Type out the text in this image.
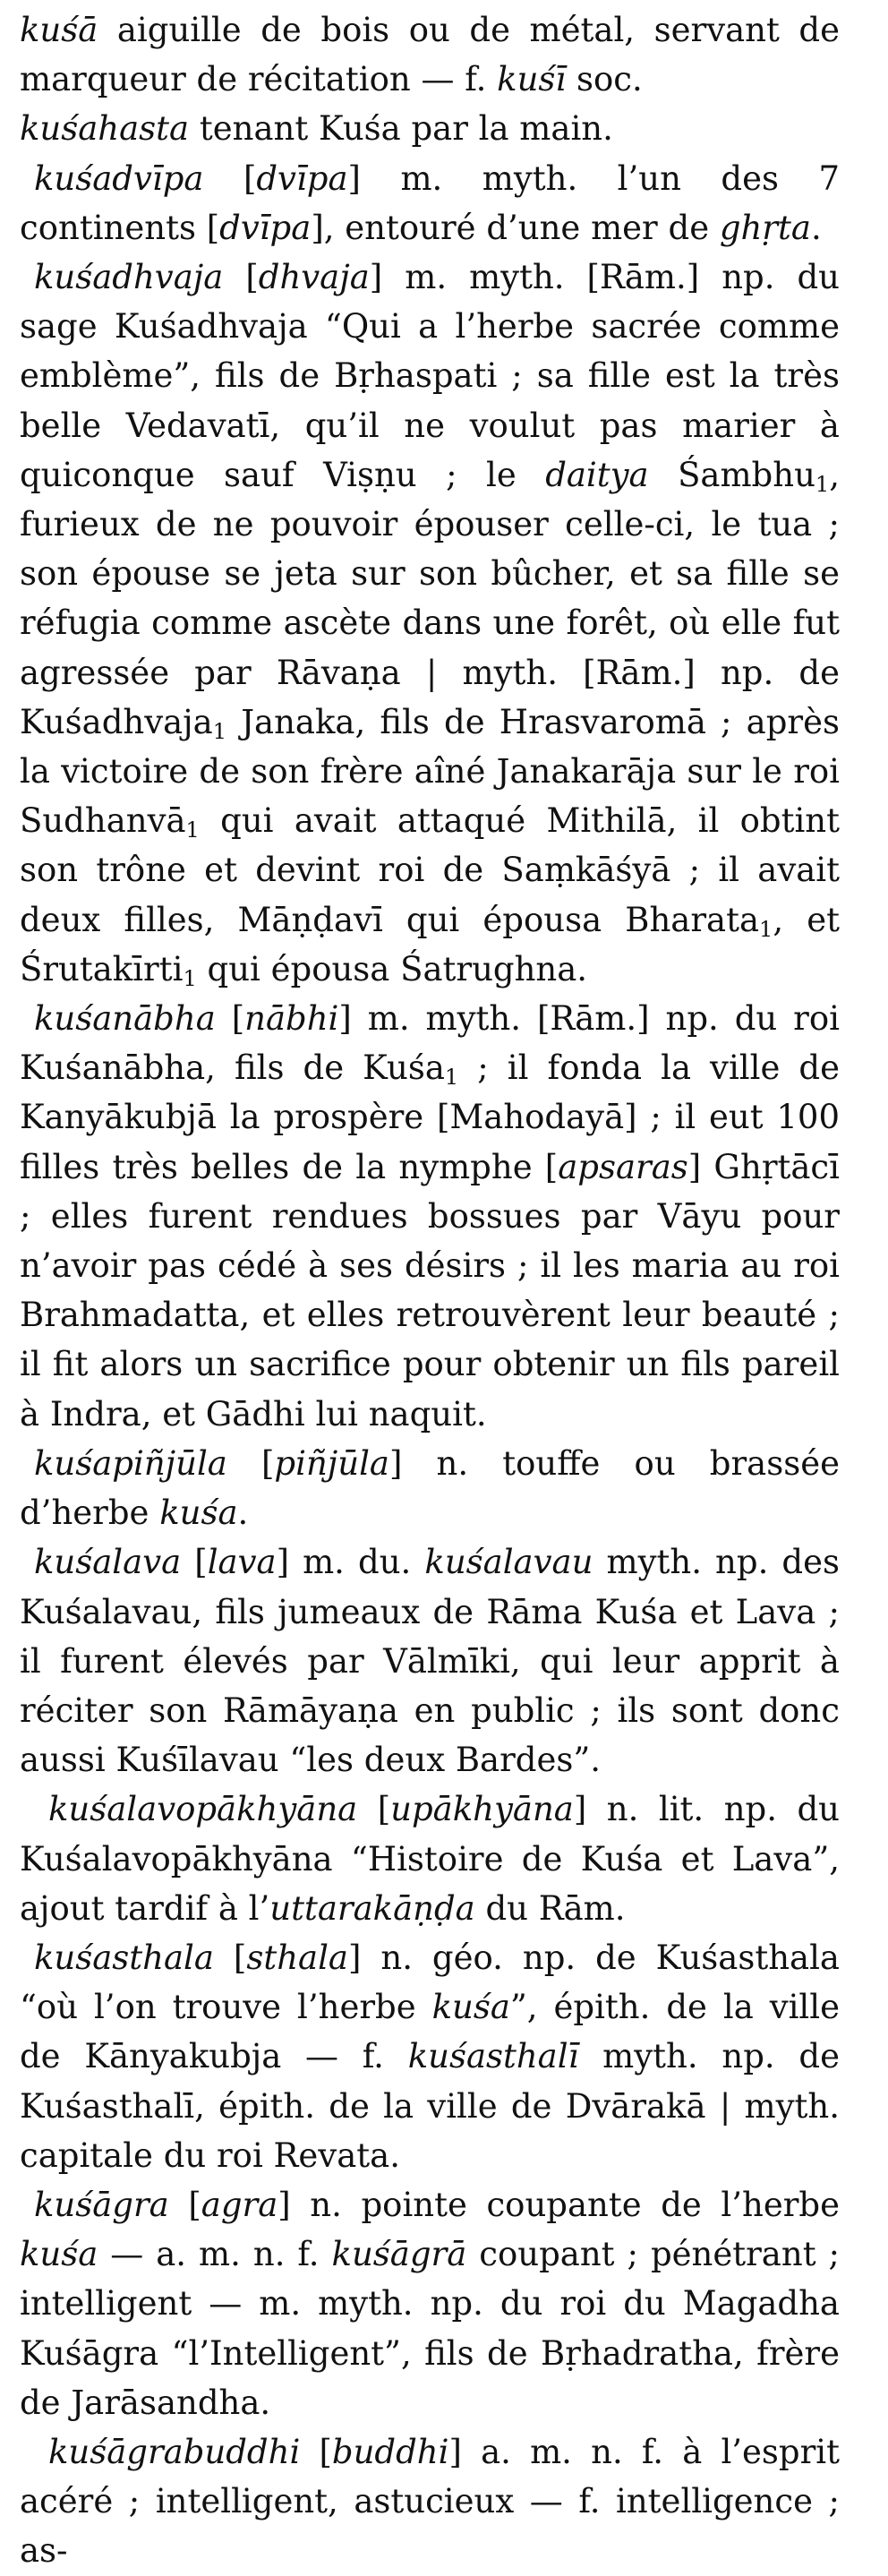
kuśā aiguille de bois ou de métal, servant de marqueur de récitation — f. kuśī soc.

kuśahasta tenant Kuśa par la main.

kuśadvīpa [dvīpa] m. myth. l’un des 7 continents [dvīpa], entouré d’une mer de ghṛta.

kuśadhvaja [dhvaja] m. myth. [Rām.] np. du sage Kuśadhvaja “Qui a l’herbe sacrée comme emblème”, fils de Bṛhaspati ; sa fille est la très belle Vedavatī, qu’il ne voulut pas marier à quiconque sauf Viṣṇu ; le daitya Śambhu$_1$, furieux de ne pouvoir épouser celle-ci, le tua ; son épouse se jeta sur son bûcher, et sa fille se réfugia comme ascète dans une forêt, où elle fut agressée par Rāvaṇa | myth. [Rām.] np. de Kuśadhvaja$_1$ Janaka, fils de Hrasvaromā ; après la victoire de son frère aîné Janakarāja sur le roi Sudhanvā$_1$ qui avait attaqué Mithilā, il obtint son trône et devint roi de Saṃkāśyā ; il avait deux filles, Māṇḍavī qui épousa Bharata$_1$, et Śrutakīrti$_1$ qui épousa Śatrughna.

kuśanābha [nābhi] m. myth. [Rām.] np. du roi Kuśanābha, fils de Kuśa$_1$ ; il fonda la ville de Kanyākubjā la prospère [Mahodayā] ; il eut 100 filles très belles de la nymphe [apsaras] Ghṛtācī ; elles furent rendues bossues par Vāyu pour n’avoir pas cédé à ses désirs ; il les maria au roi Brahmadatta, et elles retrouvèrent leur beauté ; il fit alors un sacrifice pour obtenir un fils pareil à Indra, et Gādhi lui naquit.

kuśapiñjūla [piñjūla] n. touffe ou brassée d’herbe kuśa.

kuśalava [lava] m. du. kuśalavau myth. np. des Kuśalavau, fils jumeaux de Rāma Kuśa et Lava ; il furent élevés par Vālmīki, qui leur apprit à réciter son Rāmāyaṇa en public ; ils sont donc aussi Kuśīlavau “les deux Bardes”.

kuśalavopākhyāna [upākhyāna] n. lit. np. du Kuśalavopākhyāna “Histoire de Kuśa et Lava”, ajout tardif à l’uttarakāṇḍa du Rām.

kuśasthala [sthala] n. géo. np. de Kuśasthala “où l’on trouve l’herbe kuśa”, épith. de la ville de Kānyakubja — f. kuśasthalī myth. np. de Kuśasthalī, épith. de la ville de Dvārakā | myth. capitale du roi Revata.

kuśāgra [agra] n. pointe coupante de l’herbe kuśa — a. m. n. f. kuśāgrā coupant ; pénétrant ; intelligent — m. myth. np. du roi du Magadha Kuśāgra “l’Intelligent”, fils de Bṛhadratha, frère de Jarāsandha.

kuśāgrabuddhi [buddhi] a. m. n. f. à l’esprit acéré ; intelligent, astucieux — f. intelligence ; as-
